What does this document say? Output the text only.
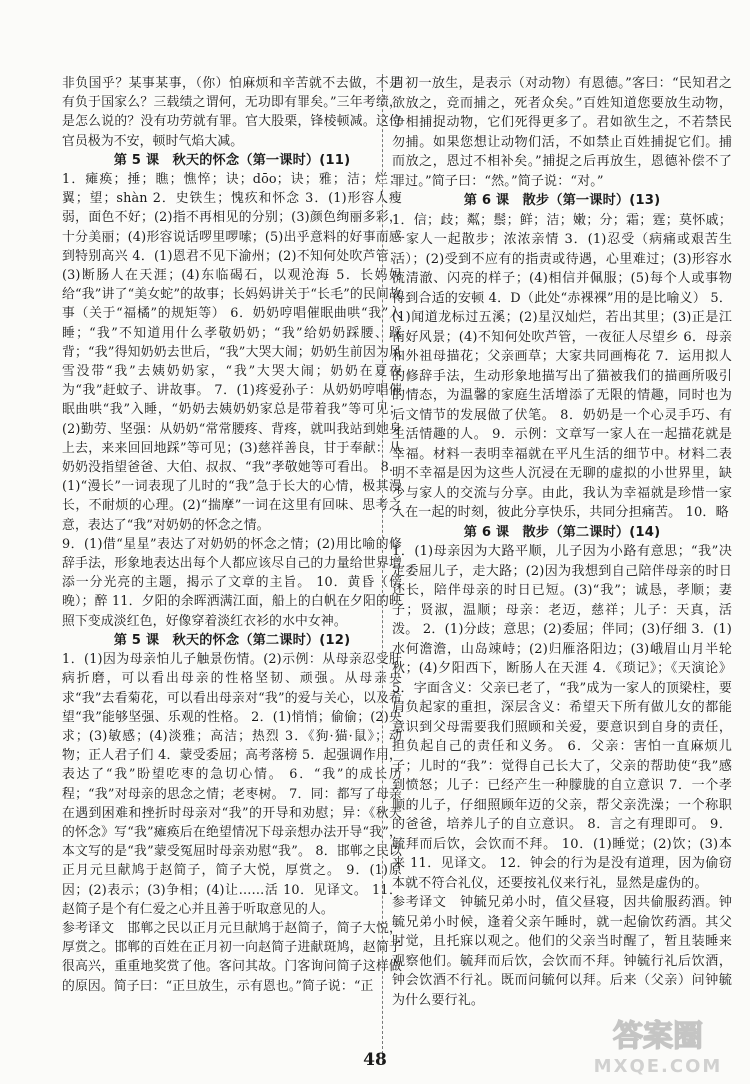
非负国乎？某事某事，（你）怕麻烦和辛苦就不去做，不是有负于国家么？三载绩之谓何，无功即有罪矣。”三年考绩，是怎么说的？没有功劳就有罪。官大股栗，锋棱顿减。这位官员极为不安，顿时气焰大减。

第 5 课　秋天的怀念（第一课时）(11)

1．瘫痪；捶；瞧；憔悴；诀；dōo；诀；雅；洁；烂；翼；望；shàn 2．史铁生；愧疚和怀念 3．(1)形容人瘦弱，面色不好；(2)指不再相见的分别；(3)颜色绚丽多彩，十分美丽；(4)形容说话啰里啰嗦；(5)出乎意料的好事而感到特别高兴 4．(1)恩君不见下渝州；(2)不知何处吹芦管；(3)断肠人在天涯；(4)东临碣石，以观沧海 5．长妈妈给“我”讲了“美女蛇”的故事；长妈妈讲关于“长毛”的民间故事（关于“福橘”的规矩等） 6．奶奶哼唱催眠曲哄“我”入睡；“我”不知道用什么孝敬奶奶；“我”给奶奶踩腰、踩背；“我”得知奶奶去世后，“我”大哭大闹；奶奶生前因为风雪没带“我”去姨奶奶家，“我”大哭大闹；奶奶在夏夜为“我”赶蚊子、讲故事。 7．(1)疼爱孙子：从奶奶哼唱催眠曲哄“我”入睡，“奶奶去姨奶奶家总是带着我”等可见；(2)勤劳、坚强：从奶奶“常常腰疼、背疼，就叫我站到她身上去，来来回回地踩”等可见；(3)慈祥善良，甘于奉献：从奶奶没指望爸爸、大伯、叔叔、“我”孝敬她等可看出。 8．(1)“漫长”一词表现了儿时的“我”急于长大的心情，极其漫长，不耐烦的心理。(2)“揣摩”一词在这里有回味、思考之意，表达了“我”对奶奶的怀念之情。

9．(1)借“星星”表达了对奶奶的怀念之情；(2)用比喻的修辞手法，形象地表达出每个人都应该尽自己的力量给世界增添一分光亮的主题，揭示了文章的主旨。 10．黄昏（傍晚）；醉 11．夕阳的余晖洒满江面，船上的白帆在夕阳的映照下变成淡红色，好像穿着淡红衣衫的水中女神。

第 5 课　秋天的怀念（第二课时）(12)

1．(1)因为母亲怕儿子触景伤情。(2)示例：从母亲忍受肝病折磨，可以看出母亲的性格坚韧、顽强。从母亲央求“我”去看菊花，可以看出母亲对“我”的爱与关心，以及希望“我”能够坚强、乐观的性格。 2．(1)悄悄；偷偷；(2)央求；(3)敏感；(4)淡雅；高洁；热烈 3．《狗·猫·鼠》；动物；正人君子们 4．蒙受委屈；高考落榜 5．起强调作用，表达了“我”盼望吃枣的急切心情。 6．“我”的成长历程；“我”对母亲的思念之情；老枣树。 7．同：都写了母亲在遇到困难和挫折时母亲对“我”的开导和劝慰；异：《秋天的怀念》写“我”瘫痪后在绝望情况下母亲想办法开导“我”，本文写的是“我”蒙受冤屈时母亲劝慰“我”。 8．邯郸之民以正月元旦献鸠于赵简子，简子大悦，厚赏之。 9．(1)原因；(2)表示；(3)争相；(4)让……活 10．见译文。 11．赵简子是个有仁爱之心并且善于听取意见的人。

参考译文　邯郸之民以正月元旦献鸠于赵简子，简子大悦，厚赏之。邯郸的百姓在正月初一向赵简子进献斑鸠，赵简子很高兴，重重地奖赏了他。客问其故。门客询问简子这样做的原因。简子曰：“正旦放生，示有恩也。”简子说：“正

月初一放生，是表示（对动物）有恩德。”客曰：“民知君之欲放之，竞而捕之，死者众矣。”百姓知道您要放生动物，争相捕捉动物，它们死得更多了。君如欲生之，不若禁民勿捕。如果您想让动物们活，不如禁止百姓捕捉它们。捕而放之，恩过不相补矣。”捕捉之后再放生，恩德补偿不了罪过。”简子曰：“然。”简子说：“对。”

第 6 课　散步（第一课时）(13)

1．信；歧；粼；鬃；鲜；洁；嫩；分；霜；霆；莫怀戚；一家人一起散步；浓浓亲情 3．(1)忍受（病痛或艰苦生活）；(2)受到不应有的指责或待遇，心里难过；(3)形容水流清澈、闪亮的样子；(4)相信并佩服；(5)每个人或事物得到合适的安顿 4．D（此处“赤裸裸”用的是比喻义） 5．(1)闻道龙标过五溪；(2)星汉灿烂，若出其里；(3)正是江南好风景；(4)不知何处吹芦管，一夜征人尽望乡 6．母亲和外祖母描花；父亲画草；大家共同画梅花 7．运用拟人的修辞手法，生动形象地描写出了猫被我们的描画所吸引的情态，为温馨的家庭生活增添了无限的情趣，同时也为后文情节的发展做了伏笔。 8．奶奶是一个心灵手巧、有生活情趣的人。 9．示例：文章写一家人在一起描花就是幸福。材料一表明幸福就在平凡生活的细节中。材料二表明不幸福是因为这些人沉浸在无聊的虚拟的小世界里，缺少与家人的交流与分享。由此，我认为幸福就是珍惜一家人在一起的时刻，彼此分享快乐，共同分担痛苦。 10．略

第 6 课　散步（第二课时）(14)

1．(1)母亲因为大路平顺，儿子因为小路有意思；“我”决定委屈儿子，走大路；(2)因为我想到自己陪伴母亲的时日还长，陪伴母亲的时日已短。(3)“我”；诚恳，孝顺；妻子；贤淑，温顺；母亲：老迈，慈祥；儿子：天真，活泼。 2．(1)分歧；意思；(2)委屈；伴同；(3)仔细 3．(1)水何澹澹，山岛竦峙；(2)归雁洛阳边；(3)峨眉山月半轮秋；(4)夕阳西下，断肠人在天涯 4．《琐记》；《天演论》 5．字面含义：父亲已老了，“我”成为一家人的顶梁柱，要肩负起家的重担，深层含义：希望天下所有做儿女的都能意识到父母需要我们照顾和关爱，要意识到自身的责任，担负起自己的责任和义务。 6．父亲：害怕一直麻烦儿子；儿时的“我”：觉得自己长大了，父亲的帮助使“我”感到愤怒；儿子：已经产生一种朦胧的自立意识 7．一个孝顺的儿子，仔细照顾年迈的父亲，帮父亲洗澡；一个称职的爸爸，培养儿子的自立意识。 8．言之有理即可。 9．毓拜而后饮，会饮而不拜。 10．(1)睡觉；(2)饮；(3)本来 11．见译文。 12．钟会的行为是没有道理，因为偷窃本就不符合礼仪，还要按礼仪来行礼，显然是虚伪的。

参考译文　钟毓兄弟小时，值父昼寝，因共偷服药酒。钟毓兄弟小时候，逢着父亲午睡时，就一起偷饮药酒。其父时觉，且托寐以观之。他们的父亲当时醒了，暂且装睡来观察他们。毓拜而后饮，会饮而不拜。钟毓行礼后饮酒，钟会饮酒不行礼。既而问毓何以拜。后来（父亲）问钟毓为什么要行礼。

48
答案圈
MXQE.COM
